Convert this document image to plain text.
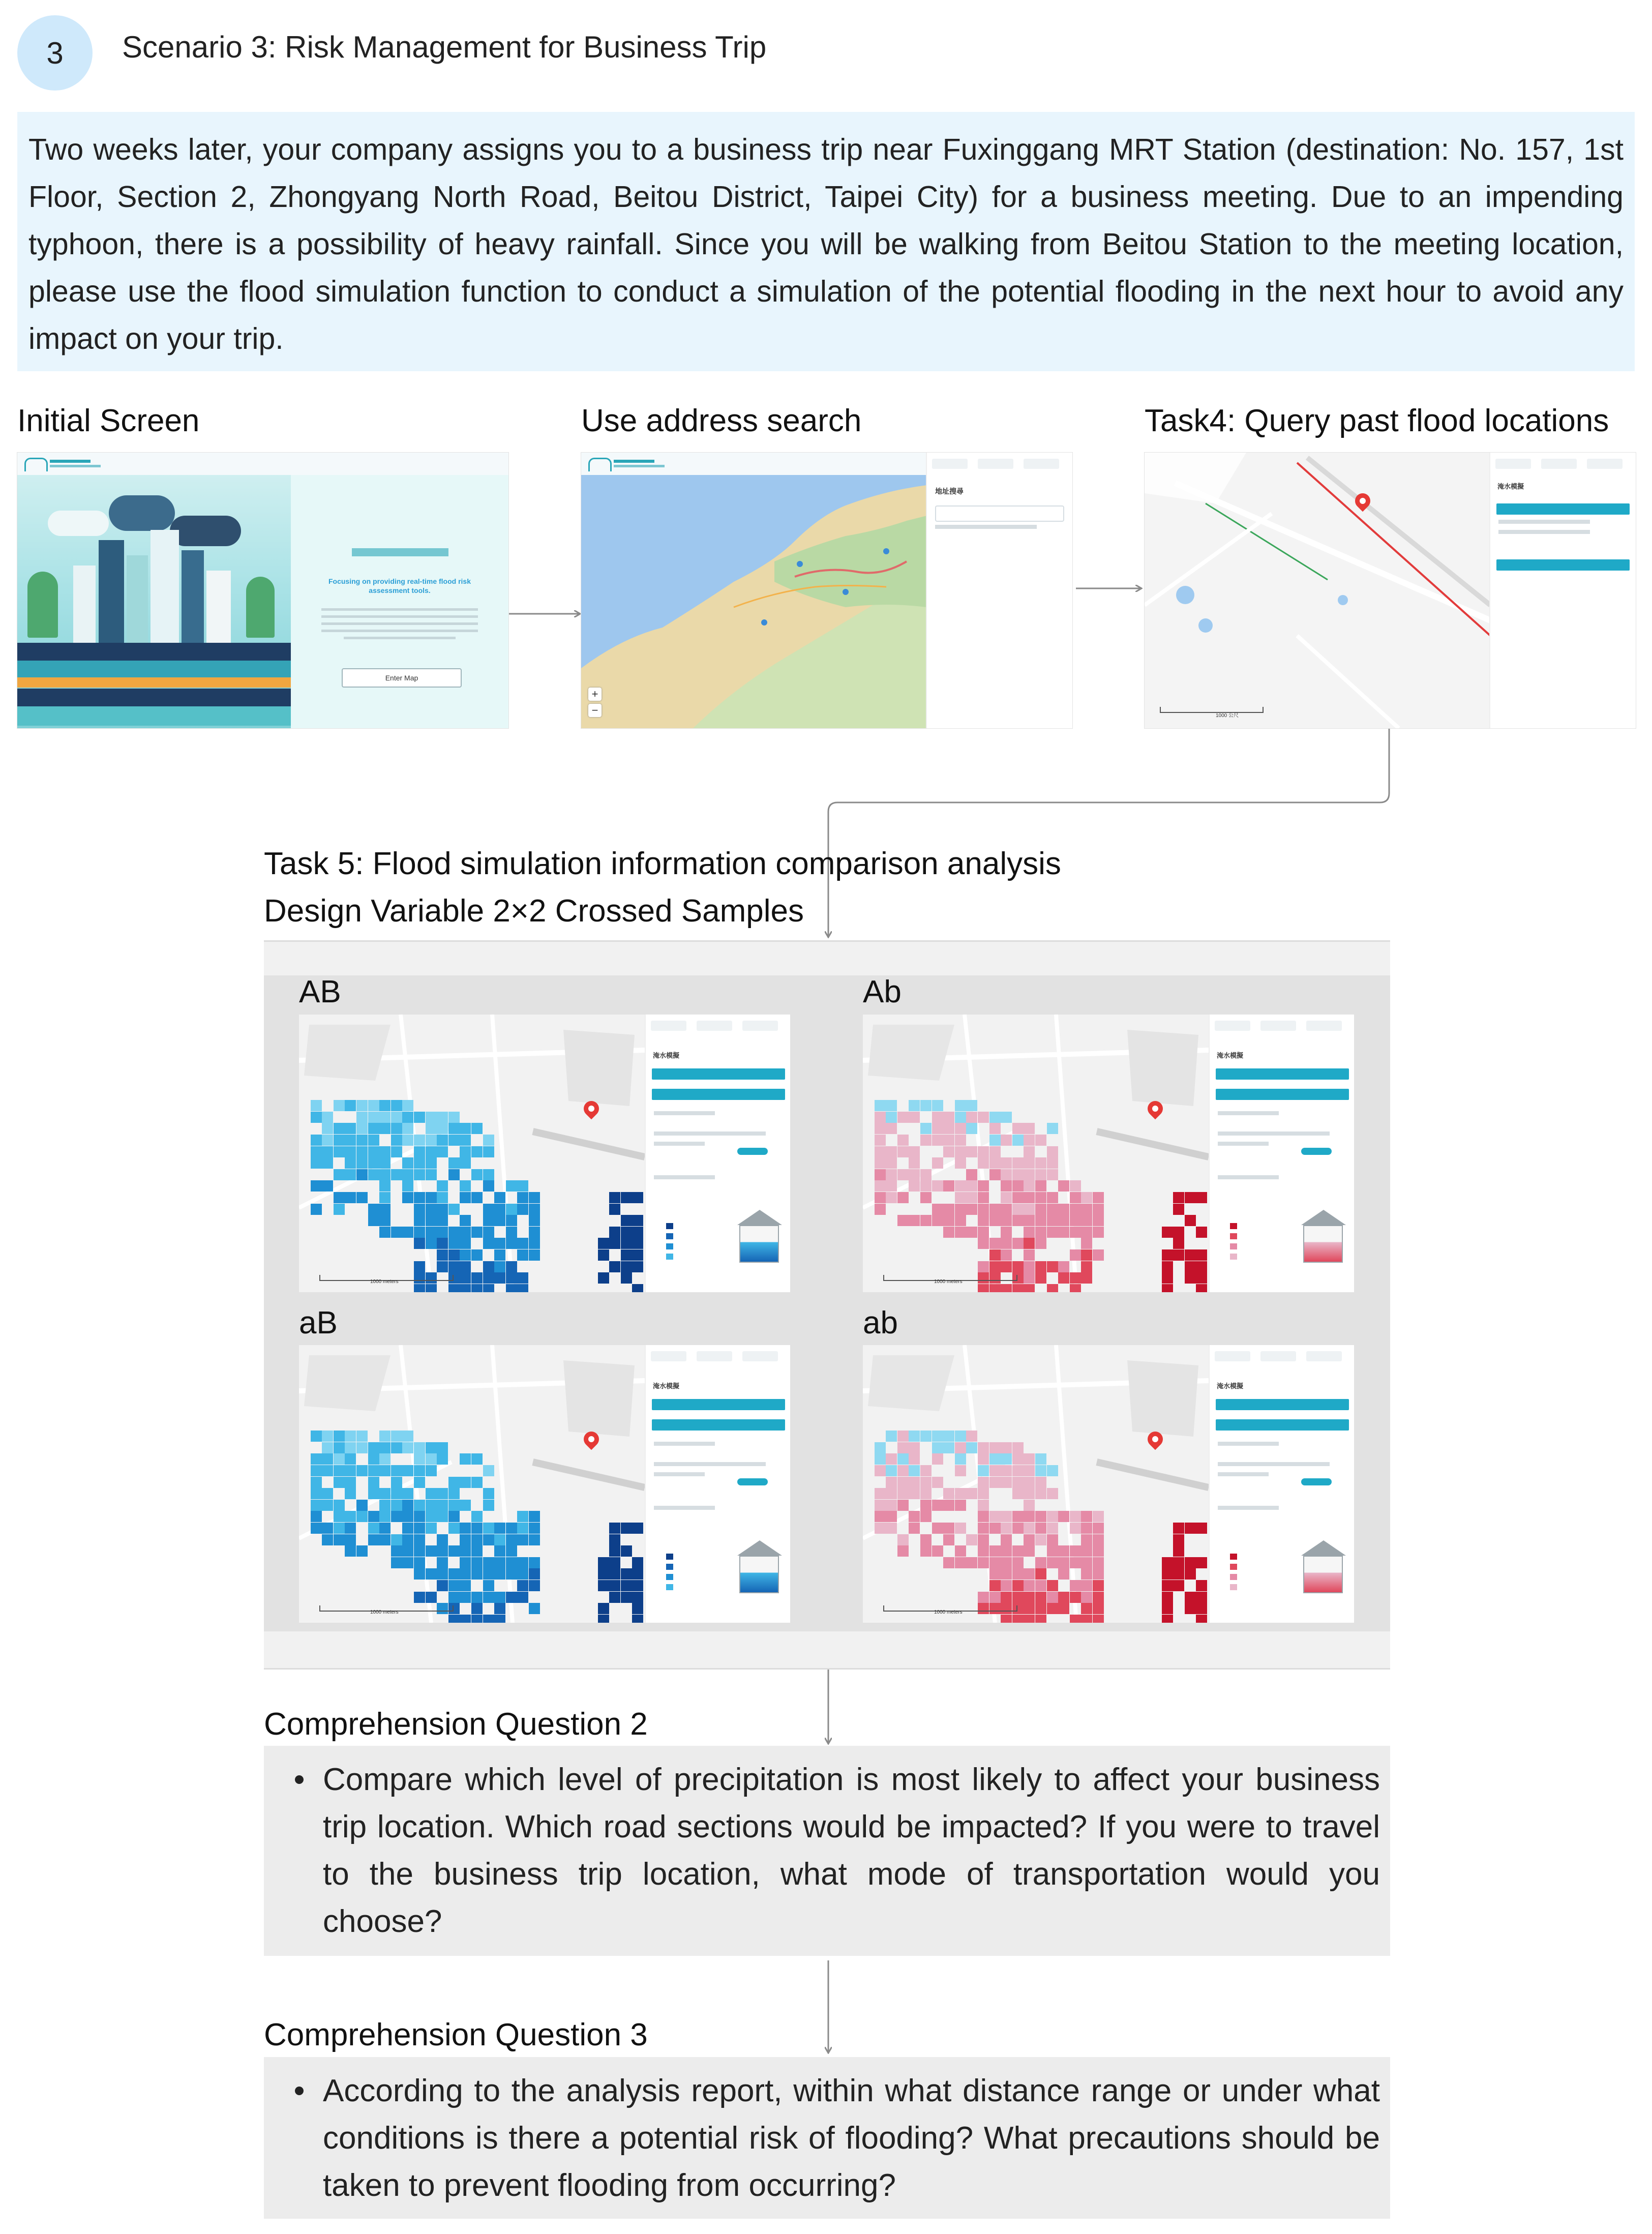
3 Scenario 3: Risk Management for Business Trip
Two weeks later, your company assigns you to a business trip near Fuxinggang MRT Station (destination: No. 157, 1st Floor, Section 2, Zhongyang North Road, Beitou District, Taipei City) for a business meeting. Due to an impending typhoon, there is a possibility of heavy rainfall. Since you will be walking from Beitou Station to the meeting location, please use the flood simulation function to conduct a simulation of the potential flooding in the next hour to avoid any impact on your trip.
Initial Screen	Use address search	Task4: Query past flood locations
Focusing on providing real-time flood risk assessment tools.
Enter Map
+
−
地址搜尋
1000 公尺
淹水模擬
Task 5: Flood simulation information comparison analysis
Design Variable 2×2 Crossed Samples
AB	Ab
aB	ab
1000 meters
淹水模擬
1000 meters
淹水模擬
1000 meters
淹水模擬
1000 meters
淹水模擬
Comprehension Question 2
Compare which level of precipitation is most likely to affect your business trip location. Which road sections would be impacted? If you were to travel to the business trip location, what mode of transportation would you choose?
Comprehension Question 3
According to the analysis report, within what distance range or under what conditions is there a potential risk of flooding? What precautions should be taken to prevent flooding from occurring?
